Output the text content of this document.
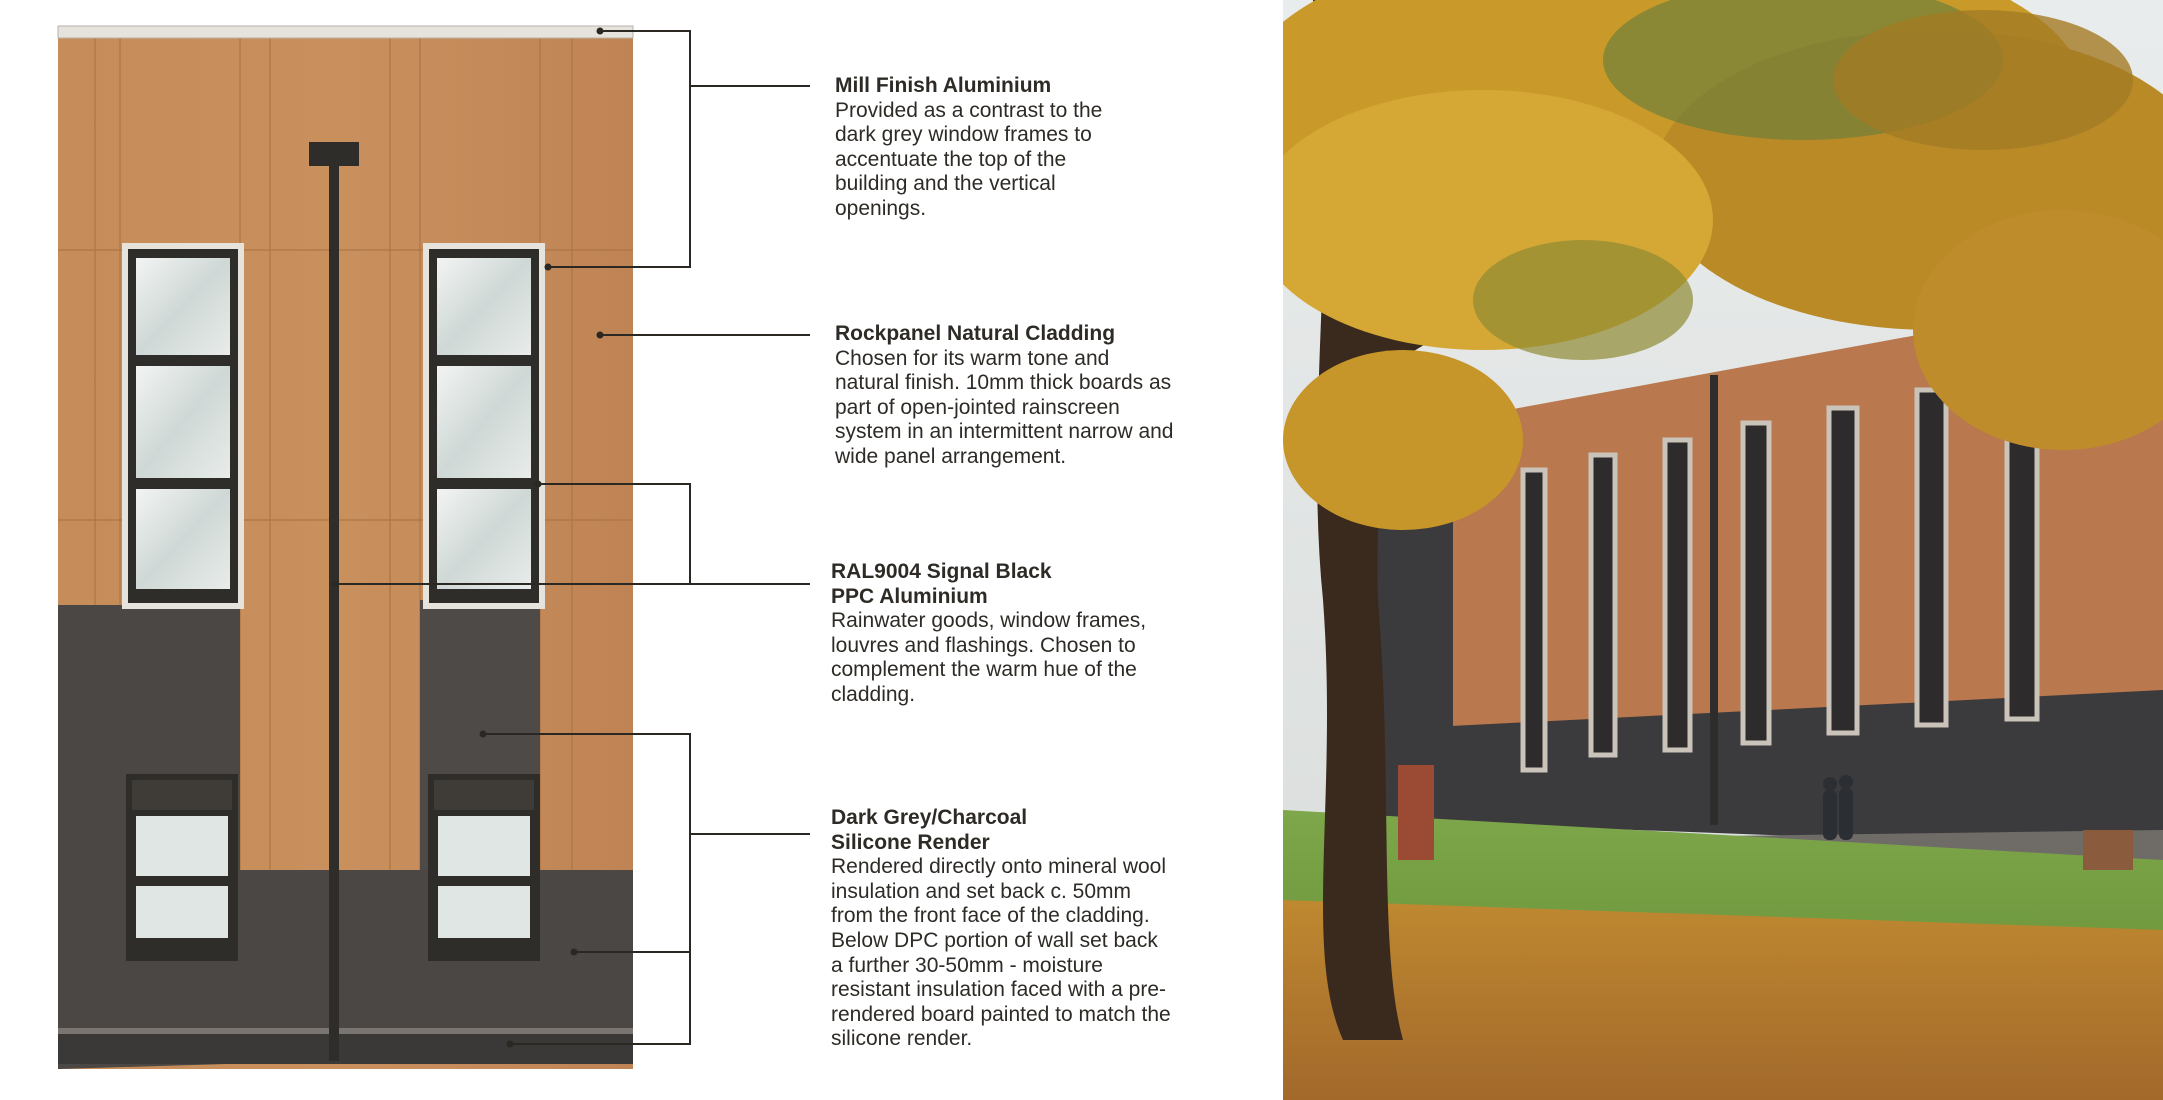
Mill Finish Aluminium
Provided as a contrast to the dark grey window frames to accentuate the top of the building and the vertical openings.
Rockpanel Natural Cladding
Chosen for its warm tone and natural finish. 10mm thick boards as part of open-jointed rainscreen system in an intermittent narrow and wide panel arrangement.
RAL9004 Signal Black
PPC Aluminium
Rainwater goods, window frames, louvres and flashings. Chosen to complement the warm hue of the cladding.
Dark Grey/Charcoal
Silicone Render
Rendered directly onto mineral wool insulation and set back c. 50mm from the front face of the cladding. Below DPC portion of wall set back a further 30-50mm - moisture resistant insulation faced with a pre-rendered board painted to match the silicone render.
